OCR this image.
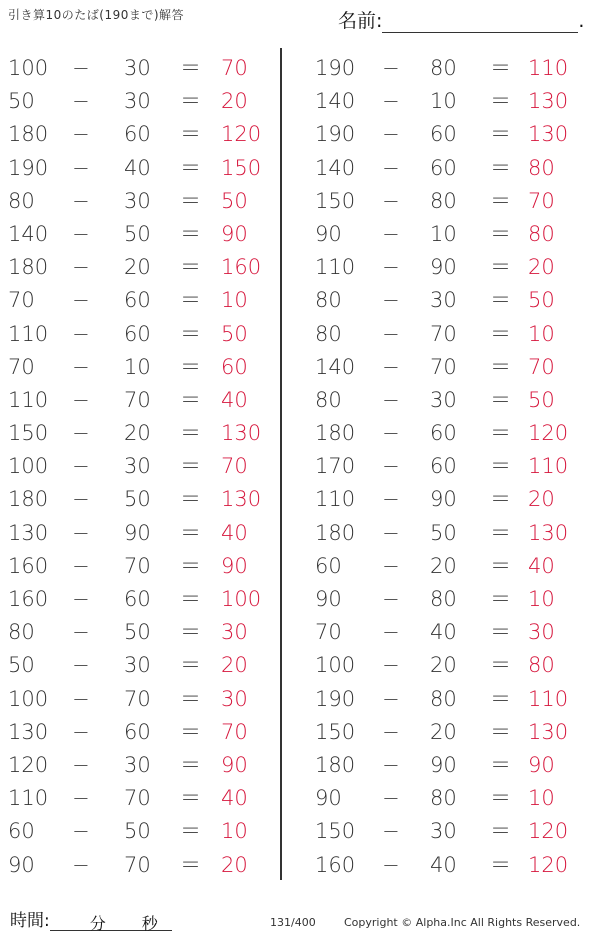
引き算10のたば(190まで)解答	名前:	.
100 − 30 ＝ 70
50 − 30 ＝ 20
180 − 60 ＝ 120
190 − 40 ＝ 150
80 − 30 ＝ 50
140 − 50 ＝ 90
180 − 20 ＝ 160
70 − 60 ＝ 10
110 − 60 ＝ 50
70 − 10 ＝ 60
110 − 70 ＝ 40
150 − 20 ＝ 130
100 − 30 ＝ 70
180 − 50 ＝ 130
130 − 90 ＝ 40
160 − 70 ＝ 90
160 − 60 ＝ 100
80 − 50 ＝ 30
50 − 30 ＝ 20
100 − 70 ＝ 30
130 − 60 ＝ 70
120 − 30 ＝ 90
110 − 70 ＝ 40
60 − 50 ＝ 10
90 − 70 ＝ 20
190 − 80 ＝ 110
140 − 10 ＝ 130
190 − 60 ＝ 130
140 − 60 ＝ 80
150 − 80 ＝ 70
90 − 10 ＝ 80
110 − 90 ＝ 20
80 − 30 ＝ 50
80 − 70 ＝ 10
140 − 70 ＝ 70
80 − 30 ＝ 50
180 − 60 ＝ 120
170 − 60 ＝ 110
110 − 90 ＝ 20
180 − 50 ＝ 130
60 − 20 ＝ 40
90 − 80 ＝ 10
70 − 40 ＝ 30
100 − 20 ＝ 80
190 − 80 ＝ 110
150 − 20 ＝ 130
180 − 90 ＝ 90
90 − 80 ＝ 10
150 − 30 ＝ 120
160 − 40 ＝ 120
時間:	分 秒	131/400	Copyright © Alpha.Inc All Rights Reserved.
